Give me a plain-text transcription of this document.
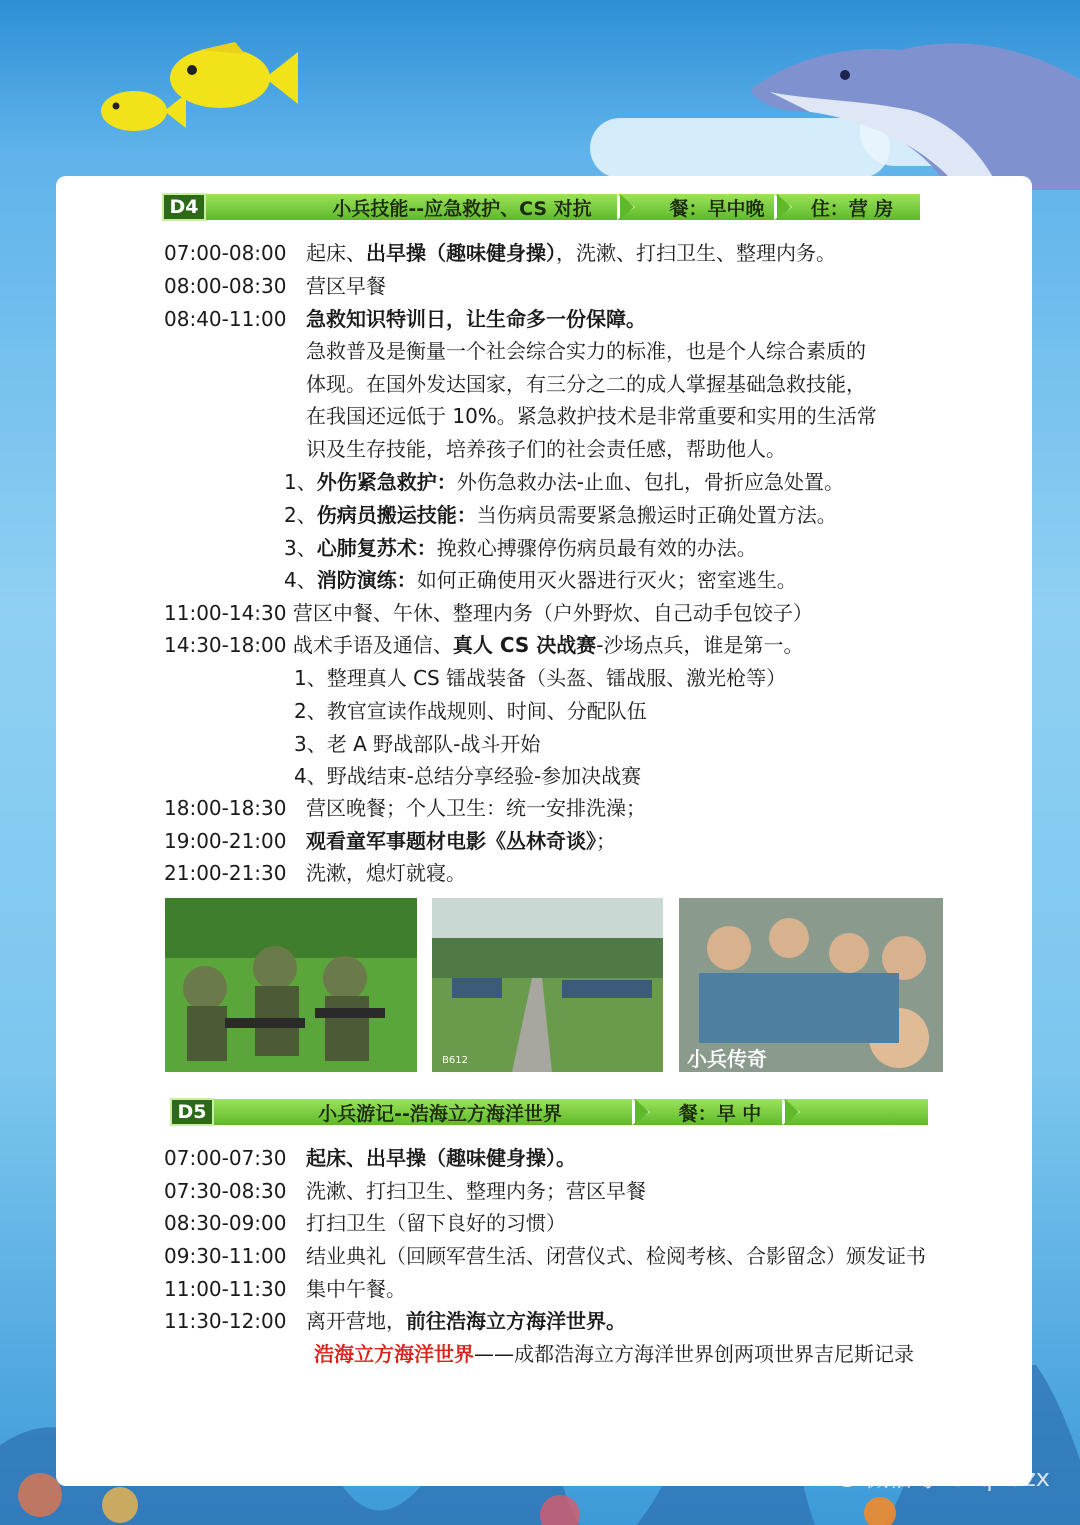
D4	小兵技能--应急救护、CS 对抗	餐：早中晚	住：营 房
07:00-08:00 起床、出早操（趣味健身操），洗漱、打扫卫生、整理内务。
08:00-08:30 营区早餐
08:40-11:00 急救知识特训日，让生命多一份保障。
急救普及是衡量一个社会综合实力的标准，也是个人综合素质的
体现。在国外发达国家，有三分之二的成人掌握基础急救技能，
在我国还远低于 10%。紧急救护技术是非常重要和实用的生活常
识及生存技能，培养孩子们的社会责任感，帮助他人。
1、外伤紧急救护：外伤急救办法-止血、包扎，骨折应急处置。
2、伤病员搬运技能：当伤病员需要紧急搬运时正确处置方法。
3、心肺复苏术：挽救心搏骤停伤病员最有效的办法。
4、消防演练：如何正确使用灭火器进行灭火；密室逃生。
11:00-14:30 营区中餐、午休、整理内务（户外野炊、自己动手包饺子）
14:30-18:00 战术手语及通信、真人 CS 决战赛-沙场点兵，谁是第一。
1、整理真人 CS 镭战装备（头盔、镭战服、激光枪等）
2、教官宣读作战规则、时间、分配队伍
3、老 A 野战部队-战斗开始
4、野战结束-总结分享经验-参加决战赛
18:00-18:30 营区晚餐；个人卫生：统一安排洗澡；
19:00-21:00 观看童军事题材电影《丛林奇谈》；
21:00-21:30 洗漱，熄灯就寝。
B612	小兵传奇
D5	小兵游记--浩海立方海洋世界	餐：早 中
07:00-07:30 起床、出早操（趣味健身操）。
07:30-08:30 洗漱、打扫卫生、整理内务；营区早餐
08:30-09:00 打扫卫生（留下良好的习惯）
09:30-11:00 结业典礼（回顾军营生活、闭营仪式、检阅考核、合影留念）颁发证书
11:00-11:30 集中午餐。
11:30-12:00 离开营地，前往浩海立方海洋世界。
浩海立方海洋世界——成都浩海立方海洋世界创两项世界吉尼斯记录
微信号: szqhdzx
